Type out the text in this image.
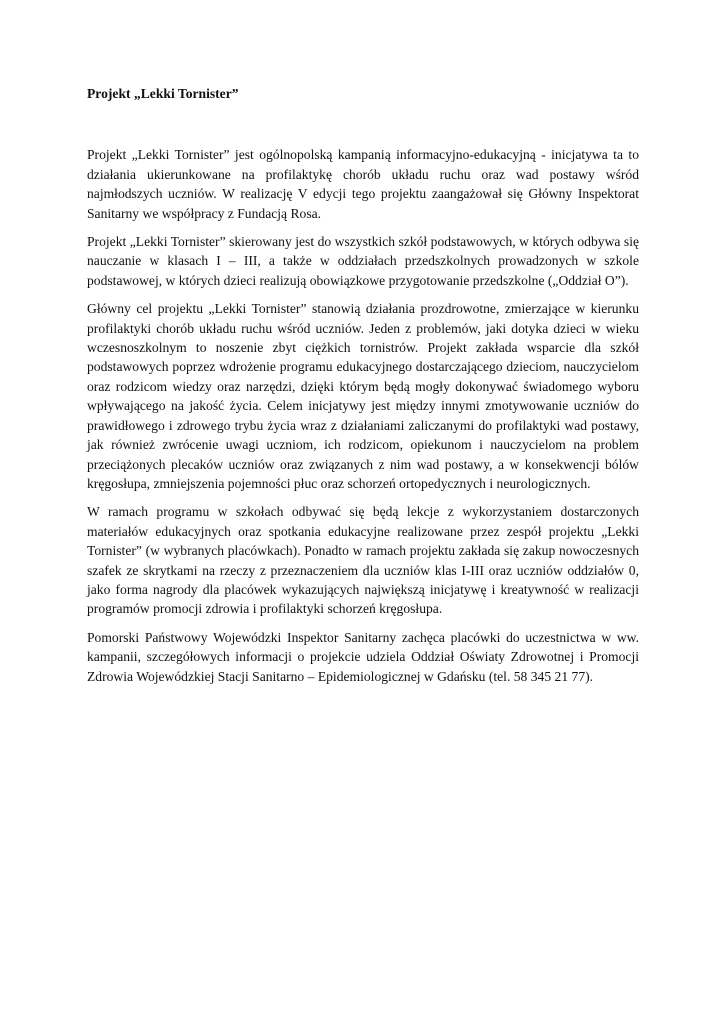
Projekt „Lekki Tornister”

Projekt „Lekki Tornister” jest ogólnopolską kampanią informacyjno-edukacyjną - inicjatywa ta to działania ukierunkowane na profilaktykę chorób układu ruchu oraz wad postawy wśród najmłodszych uczniów. W realizację V edycji tego projektu zaangażował się Główny Inspektorat Sanitarny we współpracy z Fundacją Rosa.

Projekt „Lekki Tornister” skierowany jest do wszystkich szkół podstawowych, w których odbywa się nauczanie w klasach I – III, a także w oddziałach przedszkolnych prowadzonych w szkole podstawowej, w których dzieci realizują obowiązkowe przygotowanie przedszkolne („Oddział O”).

Główny cel projektu „Lekki Tornister” stanowią działania prozdrowotne, zmierzające w kierunku profilaktyki chorób układu ruchu wśród uczniów. Jeden z problemów, jaki dotyka dzieci w wieku wczesnoszkolnym to noszenie zbyt ciężkich tornistrów. Projekt zakłada wsparcie dla szkół podstawowych poprzez wdrożenie programu edukacyjnego dostarczającego dzieciom, nauczycielom oraz rodzicom wiedzy oraz narzędzi, dzięki którym będą mogły dokonywać świadomego wyboru wpływającego na jakość życia. Celem inicjatywy jest między innymi zmotywowanie uczniów do prawidłowego i zdrowego trybu życia wraz z działaniami zaliczanymi do profilaktyki wad postawy, jak również zwrócenie uwagi uczniom, ich rodzicom, opiekunom i nauczycielom na problem przeciążonych plecaków uczniów oraz związanych z nim wad postawy, a w konsekwencji bólów kręgosłupa, zmniejszenia pojemności płuc oraz schorzeń ortopedycznych i neurologicznych.

W ramach programu w szkołach odbywać się będą lekcje z wykorzystaniem dostarczonych materiałów edukacyjnych oraz spotkania edukacyjne realizowane przez zespół projektu „Lekki Tornister” (w wybranych placówkach). Ponadto w ramach projektu zakłada się zakup nowoczesnych szafek ze skrytkami na rzeczy z przeznaczeniem dla uczniów klas I-III oraz uczniów oddziałów 0, jako forma nagrody dla placówek wykazujących największą inicjatywę i kreatywność w realizacji programów promocji zdrowia i profilaktyki schorzeń kręgosłupa.

Pomorski Państwowy Wojewódzki Inspektor Sanitarny zachęca placówki do uczestnictwa w ww. kampanii, szczegółowych informacji o projekcie udziela Oddział Oświaty Zdrowotnej i Promocji Zdrowia Wojewódzkiej Stacji Sanitarno – Epidemiologicznej w Gdańsku (tel. 58 345 21 77).
